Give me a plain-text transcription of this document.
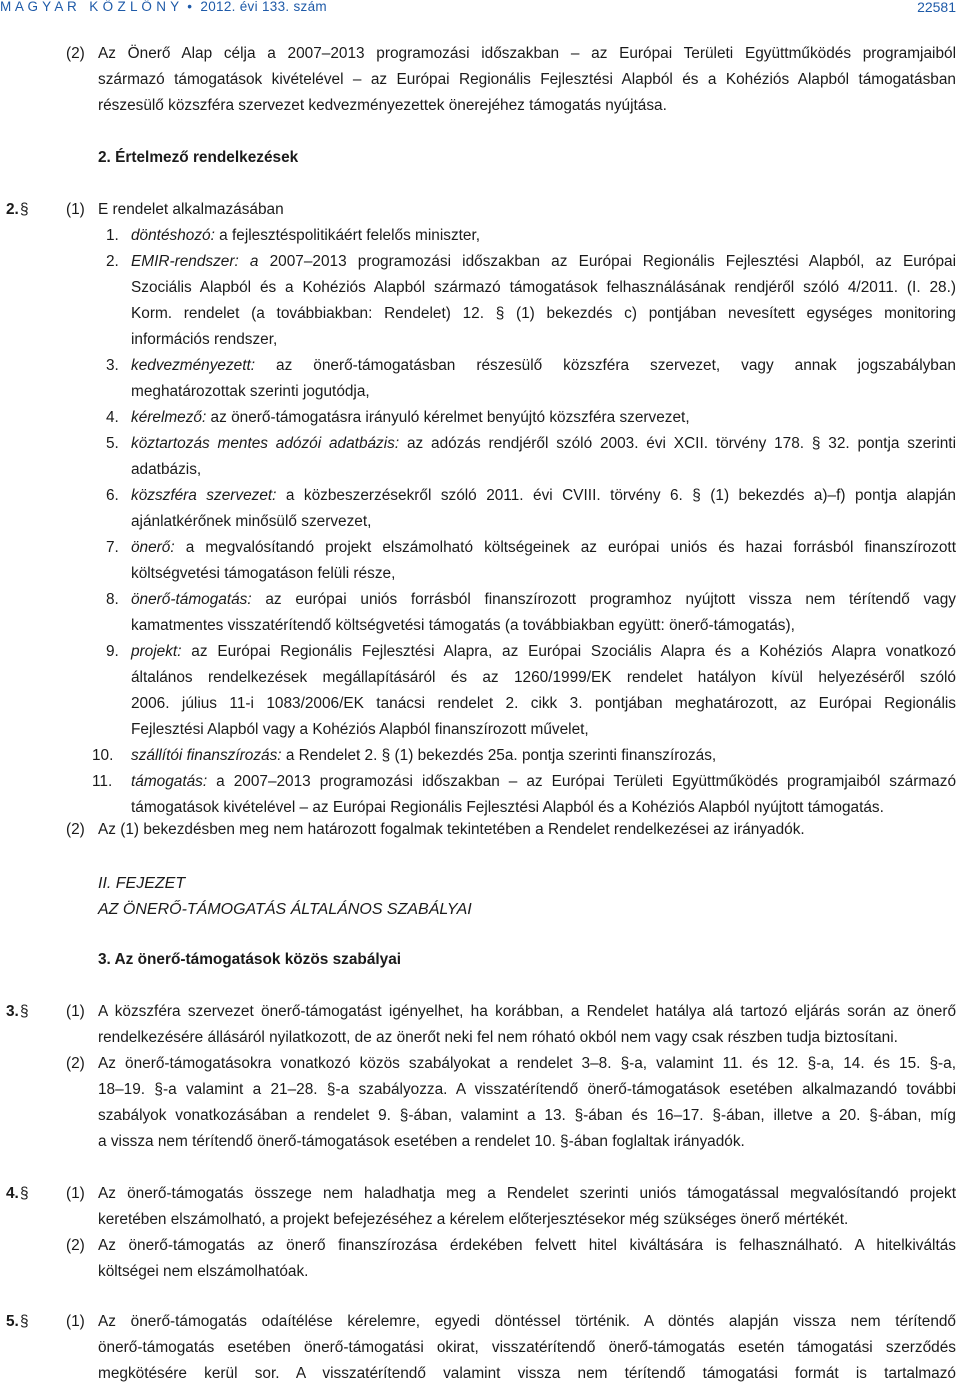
M A G Y A R   K Ö Z L Ö N Y  •  2012. évi 133. szám	22581
(2) Az Önerő Alap célja a 2007–2013 programozási időszakban – az Európai Területi Együttműködés programjaiból
származó támogatások kivételével – az Európai Regionális Fejlesztési Alapból és a Kohéziós Alapból támogatásban
részesülő közszféra szervezet kedvezményezettek önerejéhez támogatás nyújtása.
2. Értelmező rendelkezések
2. § (1) E rendelet alkalmazásában
1. döntéshozó: a fejlesztéspolitikáért felelős miniszter,
2. EMIR-rendszer: a 2007–2013 programozási időszakban az Európai Regionális Fejlesztési Alapból, az Európai
Szociális Alapból és a Kohéziós Alapból származó támogatások felhasználásának rendjéről szóló 4/2011. (I. 28.)
Korm. rendelet (a továbbiakban: Rendelet) 12. § (1) bekezdés c) pontjában nevesített egységes monitoring
információs rendszer,
3. kedvezményezett: az önerő-támogatásban részesülő közszféra szervezet, vagy annak jogszabályban
meghatározottak szerinti jogutódja,
4. kérelmező: az önerő-támogatásra irányuló kérelmet benyújtó közszféra szervezet,
5. köztartozás mentes adózói adatbázis: az adózás rendjéről szóló 2003. évi XCII. törvény 178. § 32. pontja szerinti
adatbázis,
6. közszféra szervezet: a közbeszerzésekről szóló 2011. évi CVIII. törvény 6. § (1) bekezdés a)–f) pontja alapján
ajánlatkérőnek minősülő szervezet,
7. önerő: a megvalósítandó projekt elszámolható költségeinek az európai uniós és hazai forrásból finanszírozott
költségvetési támogatáson felüli része,
8. önerő-támogatás: az európai uniós forrásból finanszírozott programhoz nyújtott vissza nem térítendő vagy
kamatmentes visszatérítendő költségvetési támogatás (a továbbiakban együtt: önerő-támogatás),
9. projekt: az Európai Regionális Fejlesztési Alapra, az Európai Szociális Alapra és a Kohéziós Alapra vonatkozó
általános rendelkezések megállapításáról és az 1260/1999/EK rendelet hatályon kívül helyezéséről szóló
2006. július 11-i 1083/2006/EK tanácsi rendelet 2. cikk 3. pontjában meghatározott, az Európai Regionális
Fejlesztési Alapból vagy a Kohéziós Alapból finanszírozott művelet,
10. szállítói finanszírozás: a Rendelet 2. § (1) bekezdés 25a. pontja szerinti finanszírozás,
11. támogatás: a 2007–2013 programozási időszakban – az Európai Területi Együttműködés programjaiból származó
támogatások kivételével – az Európai Regionális Fejlesztési Alapból és a Kohéziós Alapból nyújtott támogatás.
(2) Az (1) bekezdésben meg nem határozott fogalmak tekintetében a Rendelet rendelkezései az irányadók.
II. FEJEZET
AZ ÖNERŐ-TÁMOGATÁS ÁLTALÁNOS SZABÁLYAI
3. Az önerő-támogatások közös szabályai
3. § (1) A közszféra szervezet önerő-támogatást igényelhet, ha korábban, a Rendelet hatálya alá tartozó eljárás során az önerő
rendelkezésére állásáról nyilatkozott, de az önerőt neki fel nem róható okból nem vagy csak részben tudja biztosítani.
(2) Az önerő-támogatásokra vonatkozó közös szabályokat a rendelet 3–8. §-a, valamint 11. és 12. §-a, 14. és 15. §-a,
18–19. §-a valamint a 21–28. §-a szabályozza. A visszatérítendő önerő-támogatások esetében alkalmazandó további
szabályok vonatkozásában a rendelet 9. §-ában, valamint a 13. §-ában és 16–17. §-ában, illetve a 20. §-ában, míg
a vissza nem térítendő önerő-támogatások esetében a rendelet 10. §-ában foglaltak irányadók.
4. § (1) Az önerő-támogatás összege nem haladhatja meg a Rendelet szerinti uniós támogatással megvalósítandó projekt
keretében elszámolható, a projekt befejezéséhez a kérelem előterjesztésekor még szükséges önerő mértékét.
(2) Az önerő-támogatás az önerő finanszírozása érdekében felvett hitel kiváltására is felhasználható. A hitelkiváltás
költségei nem elszámolhatóak.
5. § (1) Az önerő-támogatás odaítélése kérelemre, egyedi döntéssel történik. A döntés alapján vissza nem térítendő
önerő-támogatás esetében önerő-támogatási okirat, visszatérítendő önerő-támogatás esetén támogatási szerződés
megkötésére kerül sor. A visszatérítendő valamint vissza nem térítendő támogatási formát is tartalmazó
